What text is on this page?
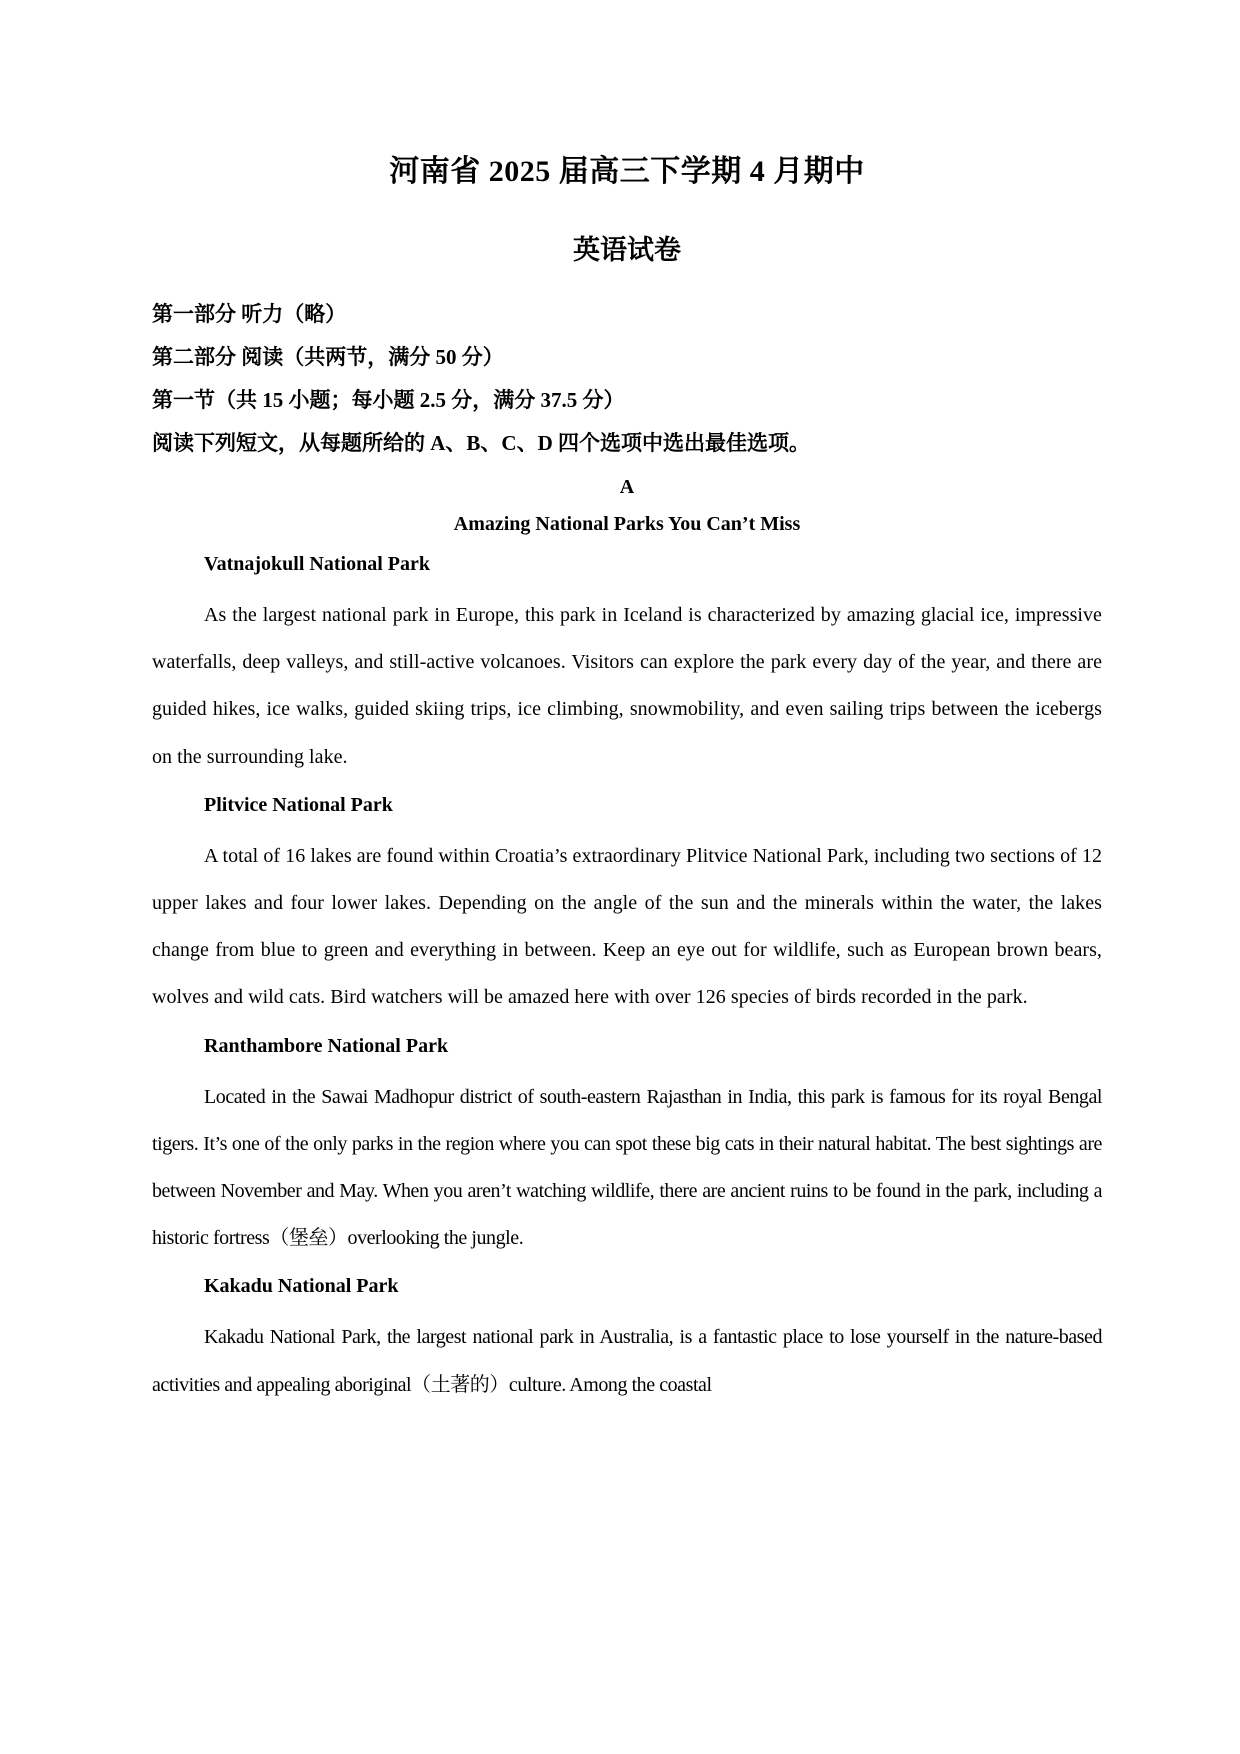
河南省 2025 届高三下学期 4 月期中
英语试卷

第一部分 听力（略）

第二部分 阅读（共两节，满分 50 分）

第一节（共 15 小题；每小题 2.5 分，满分 37.5 分）

阅读下列短文，从每题所给的 A、B、C、D 四个选项中选出最佳选项。

A
Amazing National Parks You Can’t Miss
Vatnajokull National Park

As the largest national park in Europe, this park in Iceland is characterized by amazing glacial ice, impressive waterfalls, deep valleys, and still-active volcanoes. Visitors can explore the park every day of the year, and there are guided hikes, ice walks, guided skiing trips, ice climbing, snowmobility, and even sailing trips between the icebergs on the surrounding lake.

Plitvice National Park

A total of 16 lakes are found within Croatia’s extraordinary Plitvice National Park, including two sections of 12 upper lakes and four lower lakes. Depending on the angle of the sun and the minerals within the water, the lakes change from blue to green and everything in between. Keep an eye out for wildlife, such as European brown bears, wolves and wild cats. Bird watchers will be amazed here with over 126 species of birds recorded in the park.

Ranthambore National Park

Located in the Sawai Madhopur district of south-eastern Rajasthan in India, this park is famous for its royal Bengal tigers. It’s one of the only parks in the region where you can spot these big cats in their natural habitat. The best sightings are between November and May. When you aren’t watching wildlife, there are ancient ruins to be found in the park, including a historic fortress（堡垒）overlooking the jungle.

Kakadu National Park

Kakadu National Park, the largest national park in Australia, is a fantastic place to lose yourself in the nature-based activities and appealing aboriginal（土著的）culture. Among the coastal
